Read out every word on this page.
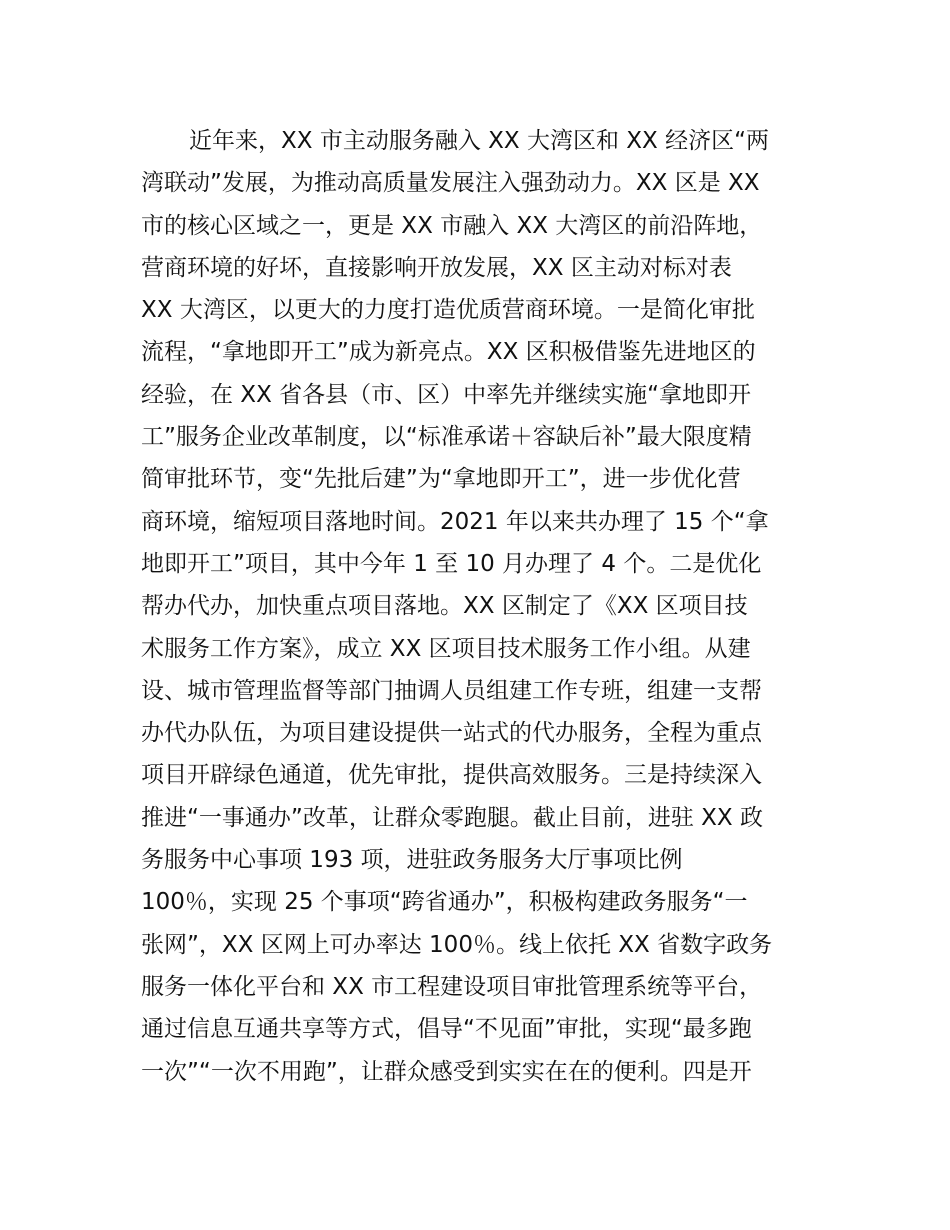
近年来，XX 市主动服务融入 XX 大湾区和 XX 经济区“两
湾联动”发展，为推动高质量发展注入强劲动力。XX 区是 XX
市的核心区域之一，更是 XX 市融入 XX 大湾区的前沿阵地，
营商环境的好坏，直接影响开放发展，XX 区主动对标对表
XX 大湾区，以更大的力度打造优质营商环境。一是简化审批
流程，“拿地即开工”成为新亮点。XX 区积极借鉴先进地区的
经验，在 XX 省各县（市、区）中率先并继续实施“拿地即开
工”服务企业改革制度，以“标准承诺＋容缺后补”最大限度精
简审批环节，变“先批后建”为“拿地即开工”，进一步优化营
商环境，缩短项目落地时间。2021 年以来共办理了 15 个“拿
地即开工”项目，其中今年 1 至 10 月办理了 4 个。二是优化
帮办代办，加快重点项目落地。XX 区制定了《XX 区项目技
术服务工作方案》，成立 XX 区项目技术服务工作小组。从建
设、城市管理监督等部门抽调人员组建工作专班，组建一支帮
办代办队伍，为项目建设提供一站式的代办服务，全程为重点
项目开辟绿色通道，优先审批，提供高效服务。三是持续深入
推进“一事通办”改革，让群众零跑腿。截止目前，进驻 XX 政
务服务中心事项 193 项，进驻政务服务大厅事项比例
100％，实现 25 个事项“跨省通办”，积极构建政务服务“一
张网”，XX 区网上可办率达 100％。线上依托 XX 省数字政务
服务一体化平台和 XX 市工程建设项目审批管理系统等平台，
通过信息互通共享等方式，倡导“不见面”审批，实现“最多跑
一次”“一次不用跑”，让群众感受到实实在在的便利。四是开
